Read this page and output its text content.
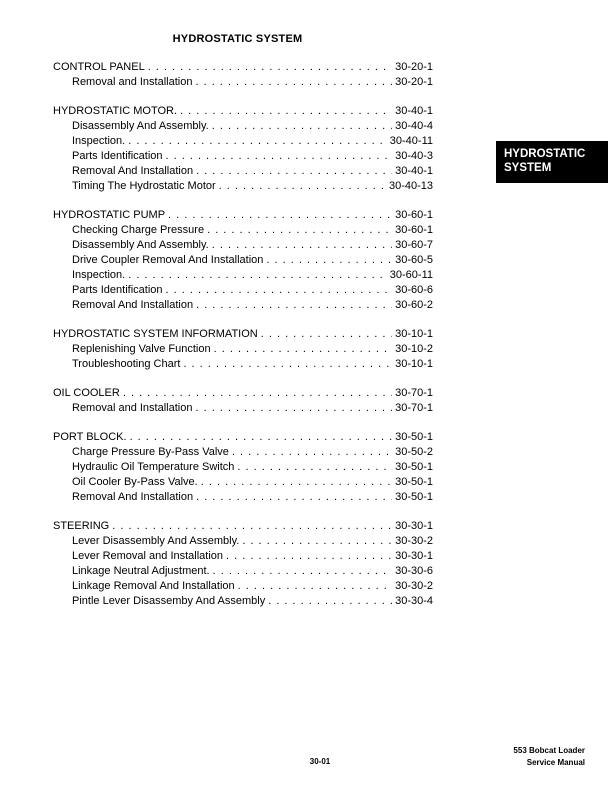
HYDROSTATIC SYSTEM
CONTROL PANEL . . .	30-20-1
Removal and Installation . . .	30-20-1
HYDROSTATIC MOTOR. . . .	30-40-1
Disassembly And Assembly. . . .	30-40-4
Inspection. . . .	30-40-11
Parts Identification . . .	30-40-3
Removal And Installation . . .	30-40-1
Timing The Hydrostatic Motor . . .	30-40-13
HYDROSTATIC PUMP . . .	30-60-1
Checking Charge Pressure . . .	30-60-1
Disassembly And Assembly. . . .	30-60-7
Drive Coupler Removal And Installation . . .	30-60-5
Inspection. . . .	30-60-11
Parts Identification . . .	30-60-6
Removal And Installation . . .	30-60-2
HYDROSTATIC SYSTEM INFORMATION . . .	30-10-1
Replenishing Valve Function . . .	30-10-2
Troubleshooting Chart . . .	30-10-1
OIL COOLER . . .	30-70-1
Removal and Installation . . .	30-70-1
PORT BLOCK. . . .	30-50-1
Charge Pressure By-Pass Valve . . .	30-50-2
Hydraulic Oil Temperature Switch . . .	30-50-1
Oil Cooler By-Pass Valve. . . .	30-50-1
Removal And Installation . . .	30-50-1
STEERING . . .	30-30-1
Lever Disassembly And Assembly. . . .	30-30-2
Lever Removal and Installation . . .	30-30-1
Linkage Neutral Adjustment. . . .	30-30-6
Linkage Removal And Installation . . .	30-30-2
Pintle Lever Disassemby And Assembly . . .	30-30-4
HYDROSTATIC
SYSTEM
30-01
553 Bobcat Loader
Service Manual
